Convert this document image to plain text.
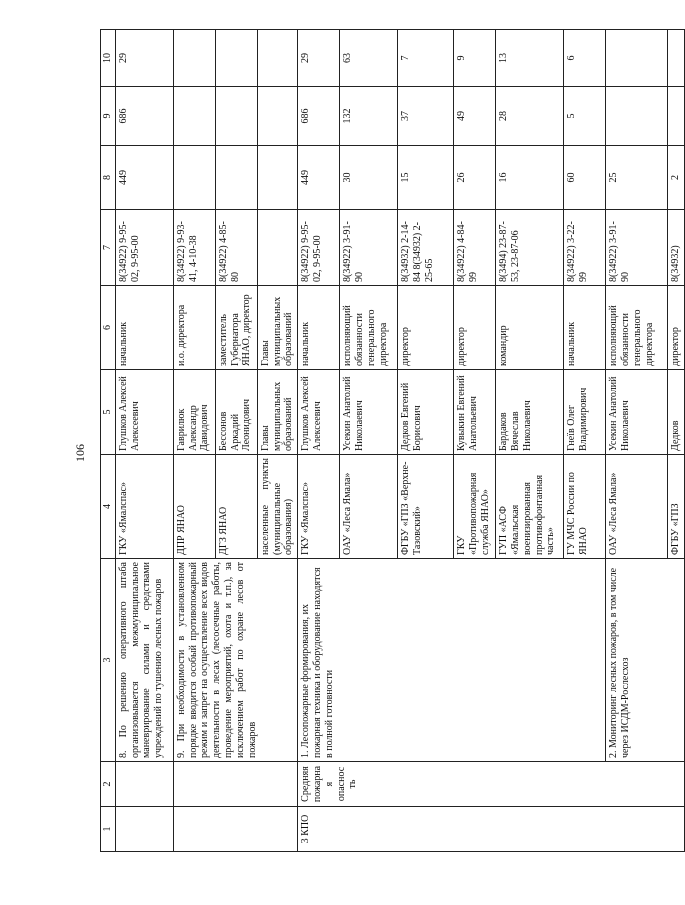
106
1	2	3	4	5	6	7	8	9	10
		8. По решению оперативного штаба организовывается межмуниципальное маневрирование силами и средствами учреждений по тушению лесных пожаров	ГКУ «Ямалспас»	Глушков Алексей Алексеевич	начальник	8(34922) 9-95-02, 9-95-00	449	686	29
		9. При необходимости в установленном порядке вводится особый противопожарный режим и запрет на осуществление всех видов деятельности в лесах (лесосечные работы, проведение мероприятий, охота и т.п.), за исключением работ по охране лесов от пожаров	ДПР ЯНАО	Гаврилюк Александр Давидович	и.о. директора	8(34922) 9-93-41, 4-10-38			
			ДГЗ ЯНАО	Бессонов Аркадий Леонидович	заместитель Губернатора ЯНАО, директор	8(34922) 4-85-80			
			населенные пункты (муниципальные образования)	Главы муниципальных образований	Главы муниципальных образований				
3 КПО	Средняя пожарная опасность	1. Лесопожарные формирования, их пожарная техника и оборудование находятся в полной готовности	ГКУ «Ямалспас»	Глушков Алексей Алексеевич	начальник	8(34922) 9-95-02, 9-95-00	449	686	29
			ОАУ «Леса Ямала»	Усекин Анатолий Николаевич	исполняющий обязанности генерального директора	8(34922) 3-91-90	30	132	63
			ФГБУ «ГПЗ «Верхне-Тазовский»	Дедков Евгений Борисович	директор	8(34932) 2-14-84 8(34932) 2-25-65	15	37	7
			ГКУ «Противопожарная служба ЯНАО»	Кувыкин Евгений Анатольевич	директор	8(34922) 4-84-99	26	49	9
			ГУП «АСФ «Ямальская военизированная противофонтанная часть»	Бардаков Вячеслав Николаевич	командир	8(3494) 23-87-53, 23-87-06	16	28	13
			ГУ МЧС России по ЯНАО	Гнеїв Олег Владимирович	начальник	8(34922) 3-22-99	60	5	6
		2. Мониторинг лесных пожаров, в том числе через ИСДМ-Рослесхоз	ОАУ «Леса Ямала»	Усекин Анатолий Николаевич	исполняющий обязанности генерального директора	8(34922) 3-91-90	25		
			ФГБУ «ГПЗ	Дедков	директор	8(34932)	2		
